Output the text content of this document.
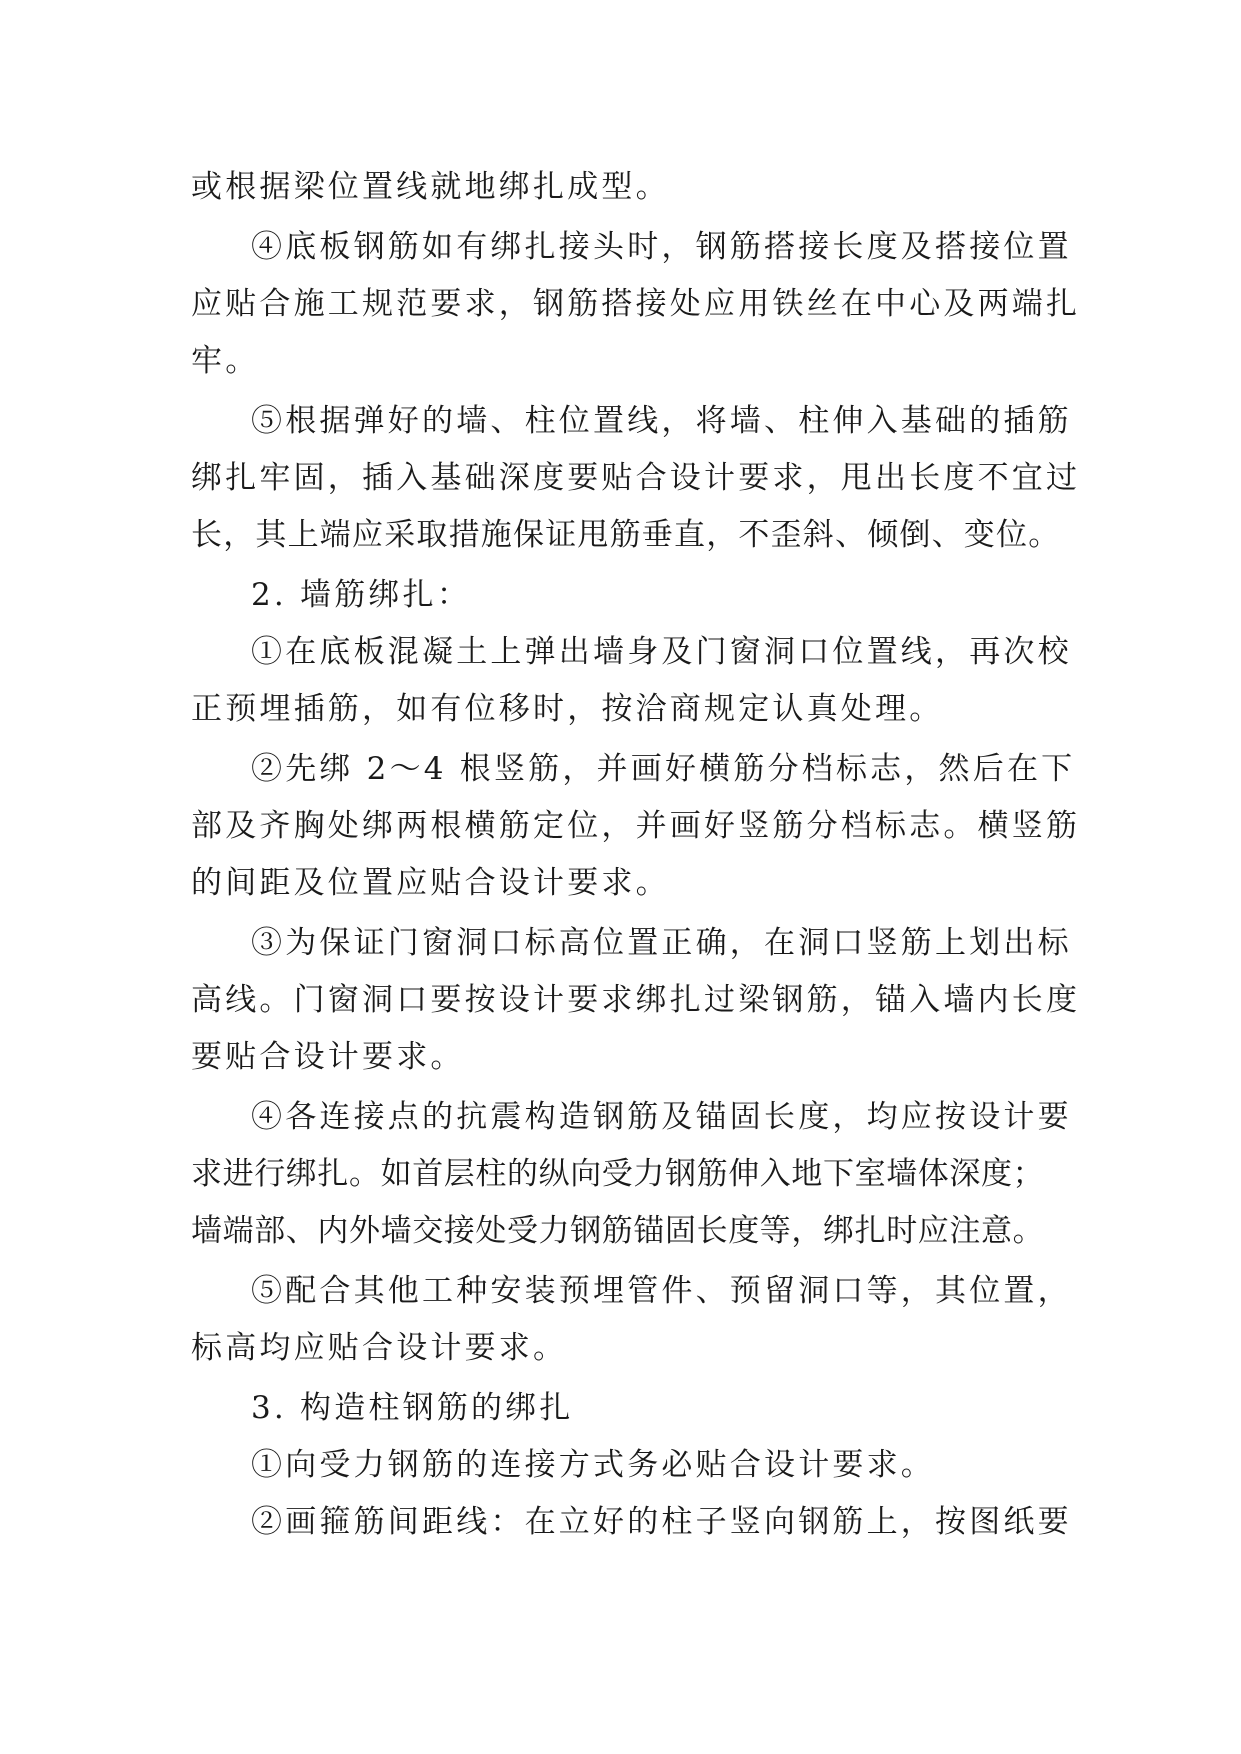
或根据梁位置线就地绑扎成型。
④底板钢筋如有绑扎接头时，钢筋搭接长度及搭接位置
应贴合施工规范要求，钢筋搭接处应用铁丝在中心及两端扎
牢。
⑤根据弹好的墙、柱位置线，将墙、柱伸入基础的插筋
绑扎牢固，插入基础深度要贴合设计要求，甩出长度不宜过
长，其上端应采取措施保证甩筋垂直，不歪斜、倾倒、变位。
2. 墙筋绑扎：
①在底板混凝土上弹出墙身及门窗洞口位置线，再次校
正预埋插筋，如有位移时，按洽商规定认真处理。
②先绑 2～4 根竖筋，并画好横筋分档标志，然后在下
部及齐胸处绑两根横筋定位，并画好竖筋分档标志。横竖筋
的间距及位置应贴合设计要求。
③为保证门窗洞口标高位置正确，在洞口竖筋上划出标
高线。门窗洞口要按设计要求绑扎过梁钢筋，锚入墙内长度
要贴合设计要求。
④各连接点的抗震构造钢筋及锚固长度，均应按设计要
求进行绑扎。如首层柱的纵向受力钢筋伸入地下室墙体深度；
墙端部、内外墙交接处受力钢筋锚固长度等，绑扎时应注意。
⑤配合其他工种安装预埋管件、预留洞口等，其位置，
标高均应贴合设计要求。
3. 构造柱钢筋的绑扎
①向受力钢筋的连接方式务必贴合设计要求。
②画箍筋间距线：在立好的柱子竖向钢筋上，按图纸要
